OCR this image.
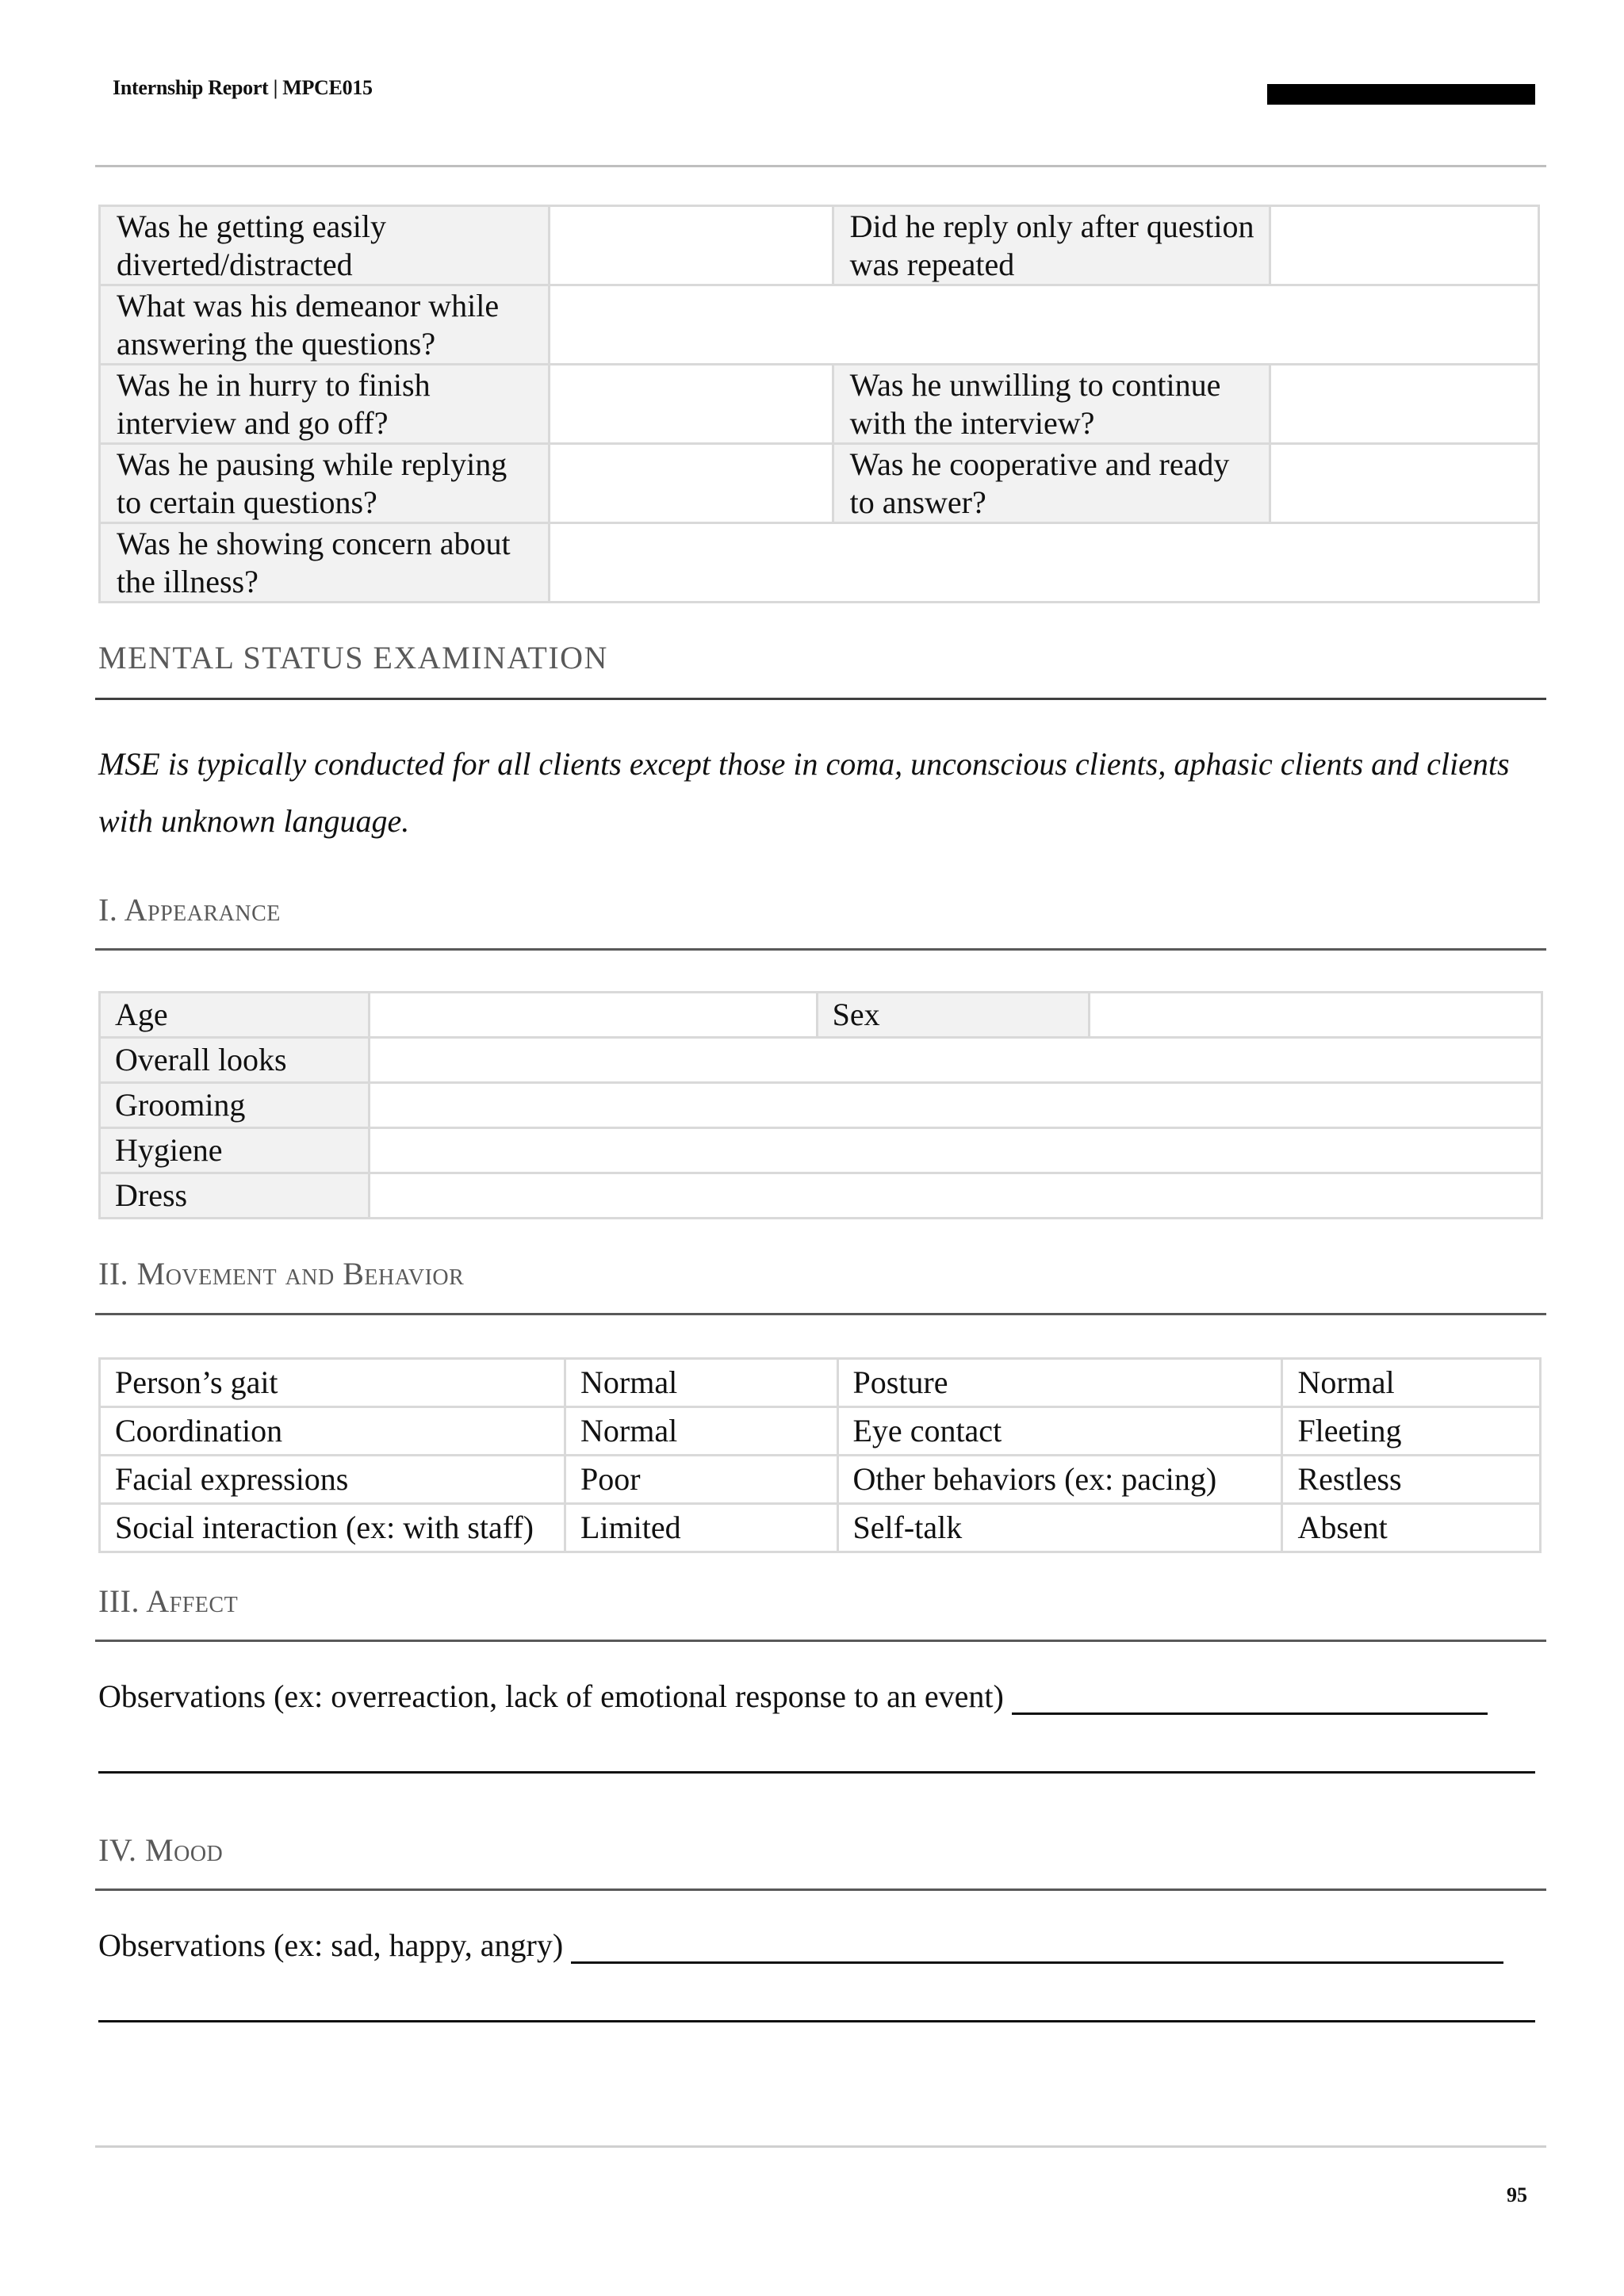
Internship Report | MPCE015
Was he getting easily diverted/distracted		Did he reply only after question was repeated	
What was his demeanor while answering the questions?			
Was he in hurry to finish interview and go off?		Was he unwilling to continue with the interview?	
Was he pausing while replying to certain questions?		Was he cooperative and ready to answer?	
Was he showing concern about the illness?			
MENTAL STATUS EXAMINATION
MSE is typically conducted for all clients except those in coma, unconscious clients, aphasic clients and clients with unknown language.
I. Appearance
Age		Sex	
Overall looks			
Grooming			
Hygiene			
Dress			
II. Movement and Behavior
Person’s gait	Normal	Posture	Normal
Coordination	Normal	Eye contact	Fleeting
Facial expressions	Poor	Other behaviors (ex: pacing)	Restless
Social interaction (ex: with staff)	Limited	Self-talk	Absent
III. Affect
Observations (ex: overreaction, lack of emotional response to an event)
IV. Mood
Observations (ex: sad, happy, angry)
95
